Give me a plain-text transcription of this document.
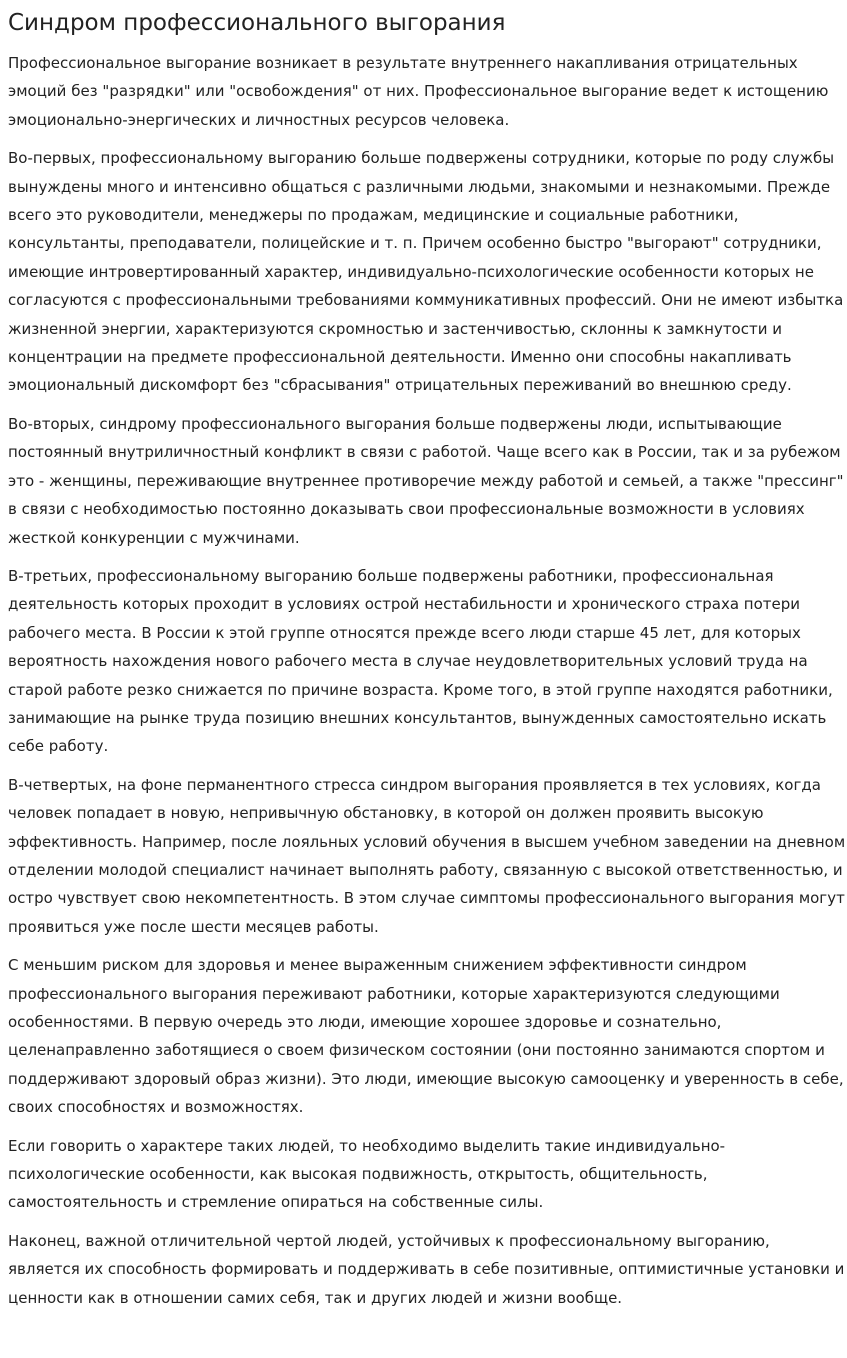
Синдром профессионального выгорания

Профессиональное выгорание возникает в результате внутреннего накапливания отрицательных эмоций без "разрядки" или "освобождения" от них. Профессиональное выгорание ведет к истощению эмоционально-энергических и личностных ресурсов человека.

Во-первых, профессиональному выгоранию больше подвержены сотрудники, которые по роду службы вынуждены много и интенсивно общаться с различными людьми, знакомыми и незнакомыми. Прежде всего это руководители, менеджеры по продажам, медицинские и социальные работники, консультанты, преподаватели, полицейские и т. п. Причем особенно быстро "выгорают" сотрудники, имеющие интровертированный характер, индивидуально-психологические особенности которых не согласуются с профессиональными требованиями коммуникативных профессий. Они не имеют избытка жизненной энергии, характеризуются скромностью и застенчивостью, склонны к замкнутости и концентрации на предмете профессиональной деятельности. Именно они способны накапливать эмоциональный дискомфорт без "сбрасывания" отрицательных переживаний во внешнюю среду.

Во-вторых, синдрому профессионального выгорания больше подвержены люди, испытывающие постоянный внутриличностный конфликт в связи с работой. Чаще всего как в России, так и за рубежом это - женщины, переживающие внутреннее противоречие между работой и семьей, а также "прессинг" в связи с необходимостью постоянно доказывать свои профессиональные возможности в условиях жесткой конкуренции с мужчинами.

В-третьих, профессиональному выгоранию больше подвержены работники, профессиональная деятельность которых проходит в условиях острой нестабильности и хронического страха потери рабочего места. В России к этой группе относятся прежде всего люди старше 45 лет, для которых вероятность нахождения нового рабочего места в случае неудовлетворительных условий труда на старой работе резко снижается по причине возраста. Кроме того, в этой группе находятся работники, занимающие на рынке труда позицию внешних консультантов, вынужденных самостоятельно искать себе работу.

В-четвертых, на фоне перманентного стресса синдром выгорания проявляется в тех условиях, когда человек попадает в новую, непривычную обстановку, в которой он должен проявить высокую эффективность. Например, после лояльных условий обучения в высшем учебном заведении на дневном отделении молодой специалист начинает выполнять работу, связанную с высокой ответственностью, и остро чувствует свою некомпетентность. В этом случае симптомы профессионального выгорания могут проявиться уже после шести месяцев работы.

С меньшим риском для здоровья и менее выраженным снижением эффективности синдром профессионального выгорания переживают работники, которые характеризуются следующими особенностями. В первую очередь это люди, имеющие хорошее здоровье и сознательно, целенаправленно заботящиеся о своем физическом состоянии (они постоянно занимаются спортом и поддерживают здоровый образ жизни). Это люди, имеющие высокую самооценку и уверенность в себе, своих способностях и возможностях.

Если говорить о характере таких людей, то необходимо выделить такие индивидуально-психологические особенности, как высокая подвижность, открытость, общительность, самостоятельность и стремление опираться на собственные силы.

Наконец, важной отличительной чертой людей, устойчивых к профессиональному выгоранию, является их способность формировать и поддерживать в себе позитивные, оптимистичные установки и ценности как в отношении самих себя, так и других людей и жизни вообще.
